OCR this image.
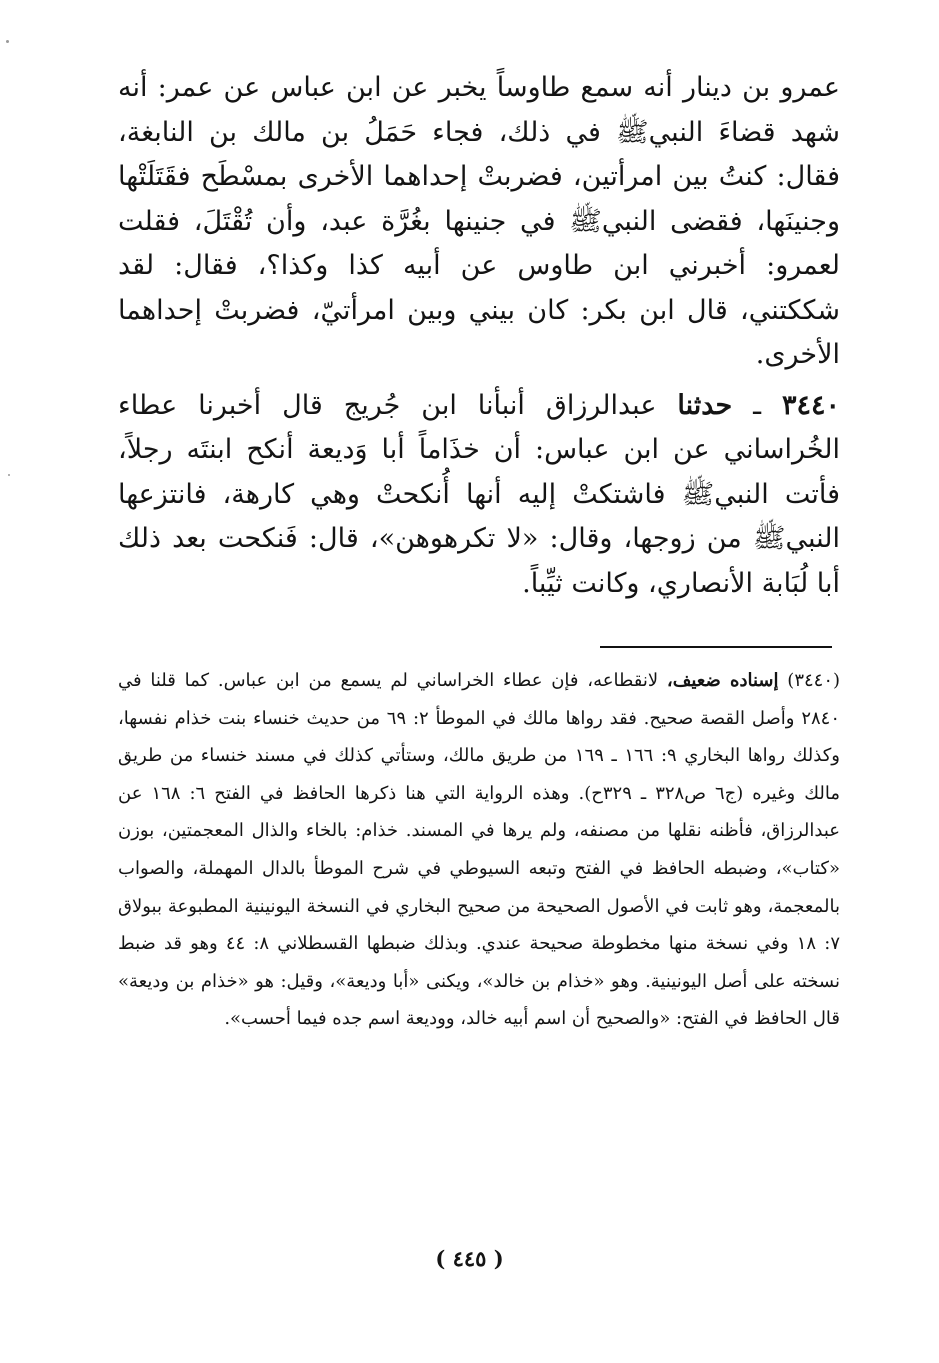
عمرو بن دينار أنه سمع طاوساً يخبر عن ابن عباس عن عمر: أنه شهد قضاءَ النبيﷺ في ذلك، فجاء حَمَلُ بن مالك بن النابغة، فقال: كنتُ بين امرأتين، فضربتْ إحداهما الأخرى بمسْطَح فقَتَلَتْها وجنينَها، فقضى النبيﷺ في جنينها بغُرَّة عبد، وأن تُقْتَلَ، فقلت لعمرو: أخبرني ابن طاوس عن أبيه كذا وكذا؟، فقال: لقد شككتني، قال ابن بكر: كان بيني وبين امرأتيّ، فضربتْ إحداهما الأخرى.

٣٤٤٠ ـ حدثنا عبدالرزاق أنبأنا ابن جُريج قال أخبرنا عطاء الخُراساني عن ابن عباس: أن خذَاماً أبا وَديعة أنكح ابنتَه رجلاً، فأتت النبيﷺ فاشتكتْ إليه أنها أُنكحتْ وهي كارهة، فانتزعها النبيﷺ من زوجها، وقال: «لا تكرهوهن»، قال: فَنكحت بعد ذلك أبا لُبَابة الأنصاري، وكانت ثيِّباً.

(٣٤٤٠) إسناده ضعيف، لانقطاعه، فإن عطاء الخراساني لم يسمع من ابن عباس. كما قلنا في ٢٨٤٠ وأصل القصة صحيح. فقد رواها مالك في الموطأ ٢: ٦٩ من حديث خنساء بنت خذام نفسها، وكذلك رواها البخاري ٩: ١٦٦ ـ ١٦٩ من طريق مالك، وستأتي كذلك في مسند خنساء من طريق مالك وغيره (ج٦ ص٣٢٨ ـ ٣٢٩ح). وهذه الرواية التي هنا ذكرها الحافظ في الفتح ٦: ١٦٨ عن عبدالرزاق، فأظنه نقلها من مصنفه، ولم يرها في المسند. خذام: بالخاء والذال المعجمتين، بوزن «كتاب»، وضبطه الحافظ في الفتح وتبعه السيوطي في شرح الموطأ بالدال المهملة، والصواب بالمعجمة، وهو ثابت في الأصول الصحيحة من صحيح البخاري في النسخة اليونينية المطبوعة ببولاق ٧: ١٨ وفي نسخة منها مخطوطة صحيحة عندي. وبذلك ضبطها القسطلاني ٨: ٤٤ وهو قد ضبط نسخته على أصل اليونينية. وهو «خذام بن خالد»، ويكنى «أبا وديعة»، وقيل: هو «خذام بن وديعة» قال الحافظ في الفتح: «والصحيح أن اسم أبيه خالد، ووديعة اسم جده فيما أحسب».

( ٤٤٥ )
